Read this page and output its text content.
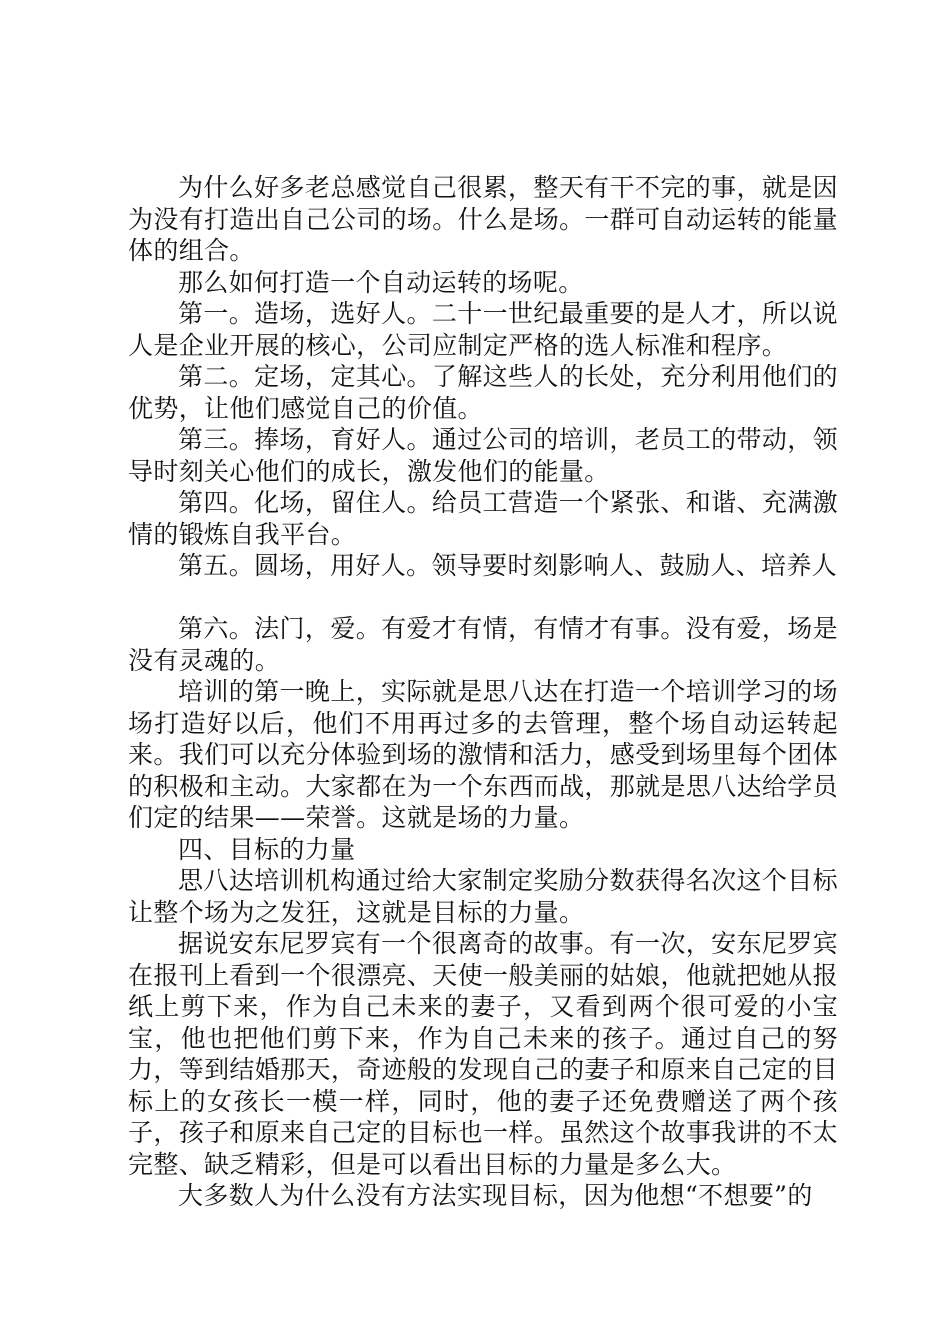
为什么好多老总感觉自己很累，整天有干不完的事，就是因为没有打造出自己公司的场。什么是场。一群可自动运转的能量体的组合。

那么如何打造一个自动运转的场呢。

第一。造场，选好人。二十一世纪最重要的是人才，所以说人是企业开展的核心，公司应制定严格的选人标准和程序。

第二。定场，定其心。了解这些人的长处，充分利用他们的优势，让他们感觉自己的价值。

第三。捧场，育好人。通过公司的培训，老员工的带动，领导时刻关心他们的成长，激发他们的能量。

第四。化场，留住人。给员工营造一个紧张、和谐、充满激情的锻炼自我平台。

第五。圆场，用好人。领导要时刻影响人、鼓励人、培养人

第六。法门，爱。有爱才有情，有情才有事。没有爱，场是没有灵魂的。

培训的第一晚上，实际就是思八达在打造一个培训学习的场场打造好以后，他们不用再过多的去管理，整个场自动运转起来。我们可以充分体验到场的激情和活力，感受到场里每个团体的积极和主动。大家都在为一个东西而战，那就是思八达给学员们定的结果——荣誉。这就是场的力量。

四、目标的力量

思八达培训机构通过给大家制定奖励分数获得名次这个目标让整个场为之发狂，这就是目标的力量。

据说安东尼罗宾有一个很离奇的故事。有一次，安东尼罗宾在报刊上看到一个很漂亮、天使一般美丽的姑娘，他就把她从报纸上剪下来，作为自己未来的妻子，又看到两个很可爱的小宝宝，他也把他们剪下来，作为自己未来的孩子。通过自己的努力，等到结婚那天，奇迹般的发现自己的妻子和原来自己定的目标上的女孩长一模一样，同时，他的妻子还免费赠送了两个孩子，孩子和原来自己定的目标也一样。虽然这个故事我讲的不太完整、缺乏精彩，但是可以看出目标的力量是多么大。

大多数人为什么没有方法实现目标，因为他想“不想要”的
